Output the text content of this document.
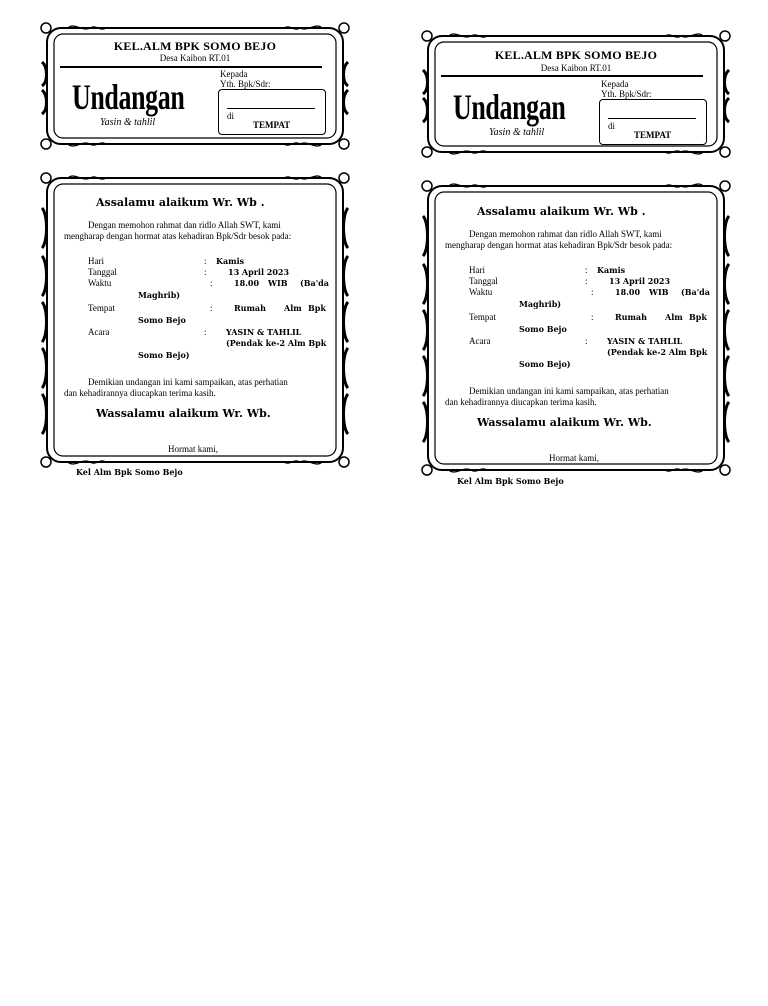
KEL.ALM BPK SOMO BEJO
Desa Kaibon RT.01
Undangan
Yasin & tahlil
Kepada
Yth. Bpk/Sdr:
di
TEMPAT
Assalamu alaikum Wr. Wb .
Dengan memohon rahmat dan ridlo Allah SWT, kami
mengharap dengan hormat atas kehadiran Bpk/Sdr besok pada:
Hari	: Kamis
Tanggal	:	13 April 2023
Waktu	:	18.00 WIB (Ba'da
Maghrib)
Tempat	:	Rumah Alm Bpk
Somo Bejo
Acara	: YASIN & TAHLIL
(Pendak ke-2 Alm Bpk
Somo Bejo)
Demikian undangan ini kami sampaikan, atas perhatian
dan kehadirannya diucapkan terima kasih.
Wassalamu alaikum Wr. Wb.
Hormat kami,
Kel Alm Bpk Somo Bejo
KEL.ALM BPK SOMO BEJO
Desa Kaibon RT.01
Undangan
Yasin & tahlil
Kepada
Yth. Bpk/Sdr:
di
TEMPAT
Assalamu alaikum Wr. Wb .
Dengan memohon rahmat dan ridlo Allah SWT, kami
mengharap dengan hormat atas kehadiran Bpk/Sdr besok pada:
Hari	: Kamis
Tanggal	:	13 April 2023
Waktu	:	18.00 WIB (Ba'da
Maghrib)
Tempat	:	Rumah Alm Bpk
Somo Bejo
Acara	: YASIN & TAHLIL
(Pendak ke-2 Alm Bpk
Somo Bejo)
Demikian undangan ini kami sampaikan, atas perhatian
dan kehadirannya diucapkan terima kasih.
Wassalamu alaikum Wr. Wb.
Hormat kami,
Kel Alm Bpk Somo Bejo
